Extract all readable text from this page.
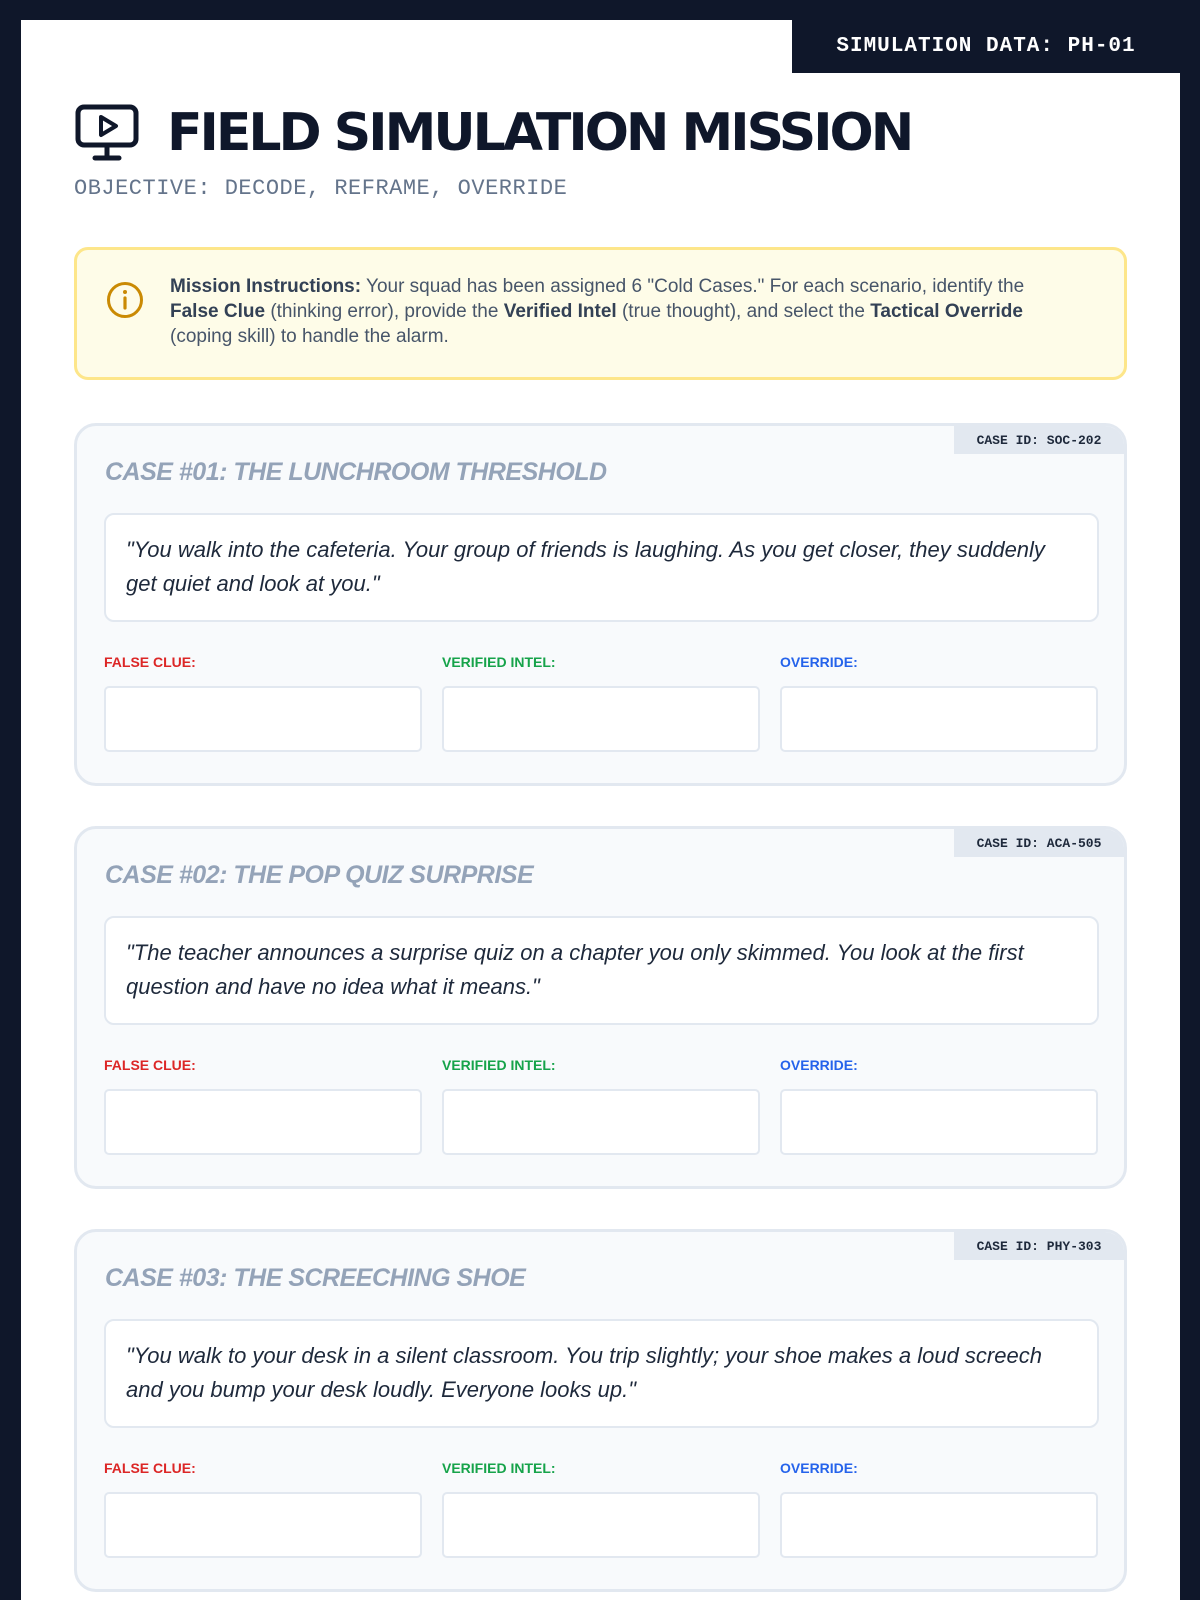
SIMULATION DATA: PH-01
FIELD SIMULATION MISSION
OBJECTIVE: DECODE, REFRAME, OVERRIDE

Mission Instructions: Your squad has been assigned 6 "Cold Cases." For each scenario, identify the False Clue (thinking error), provide the Verified Intel (true thought), and select the Tactical Override (coping skill) to handle the alarm.

CASE ID: SOC-202
CASE #01: THE LUNCHROOM THRESHOLD
"You walk into the cafeteria. Your group of friends is laughing. As you get closer, they suddenly get quiet and look at you."
FALSE CLUE:	VERIFIED INTEL:	OVERRIDE:
CASE ID: ACA-505
CASE #02: THE POP QUIZ SURPRISE
"The teacher announces a surprise quiz on a chapter you only skimmed. You look at the first question and have no idea what it means."
FALSE CLUE:	VERIFIED INTEL:	OVERRIDE:
CASE ID: PHY-303
CASE #03: THE SCREECHING SHOE
"You walk to your desk in a silent classroom. You trip slightly; your shoe makes a loud screech and you bump your desk loudly. Everyone looks up."
FALSE CLUE:	VERIFIED INTEL:	OVERRIDE:
